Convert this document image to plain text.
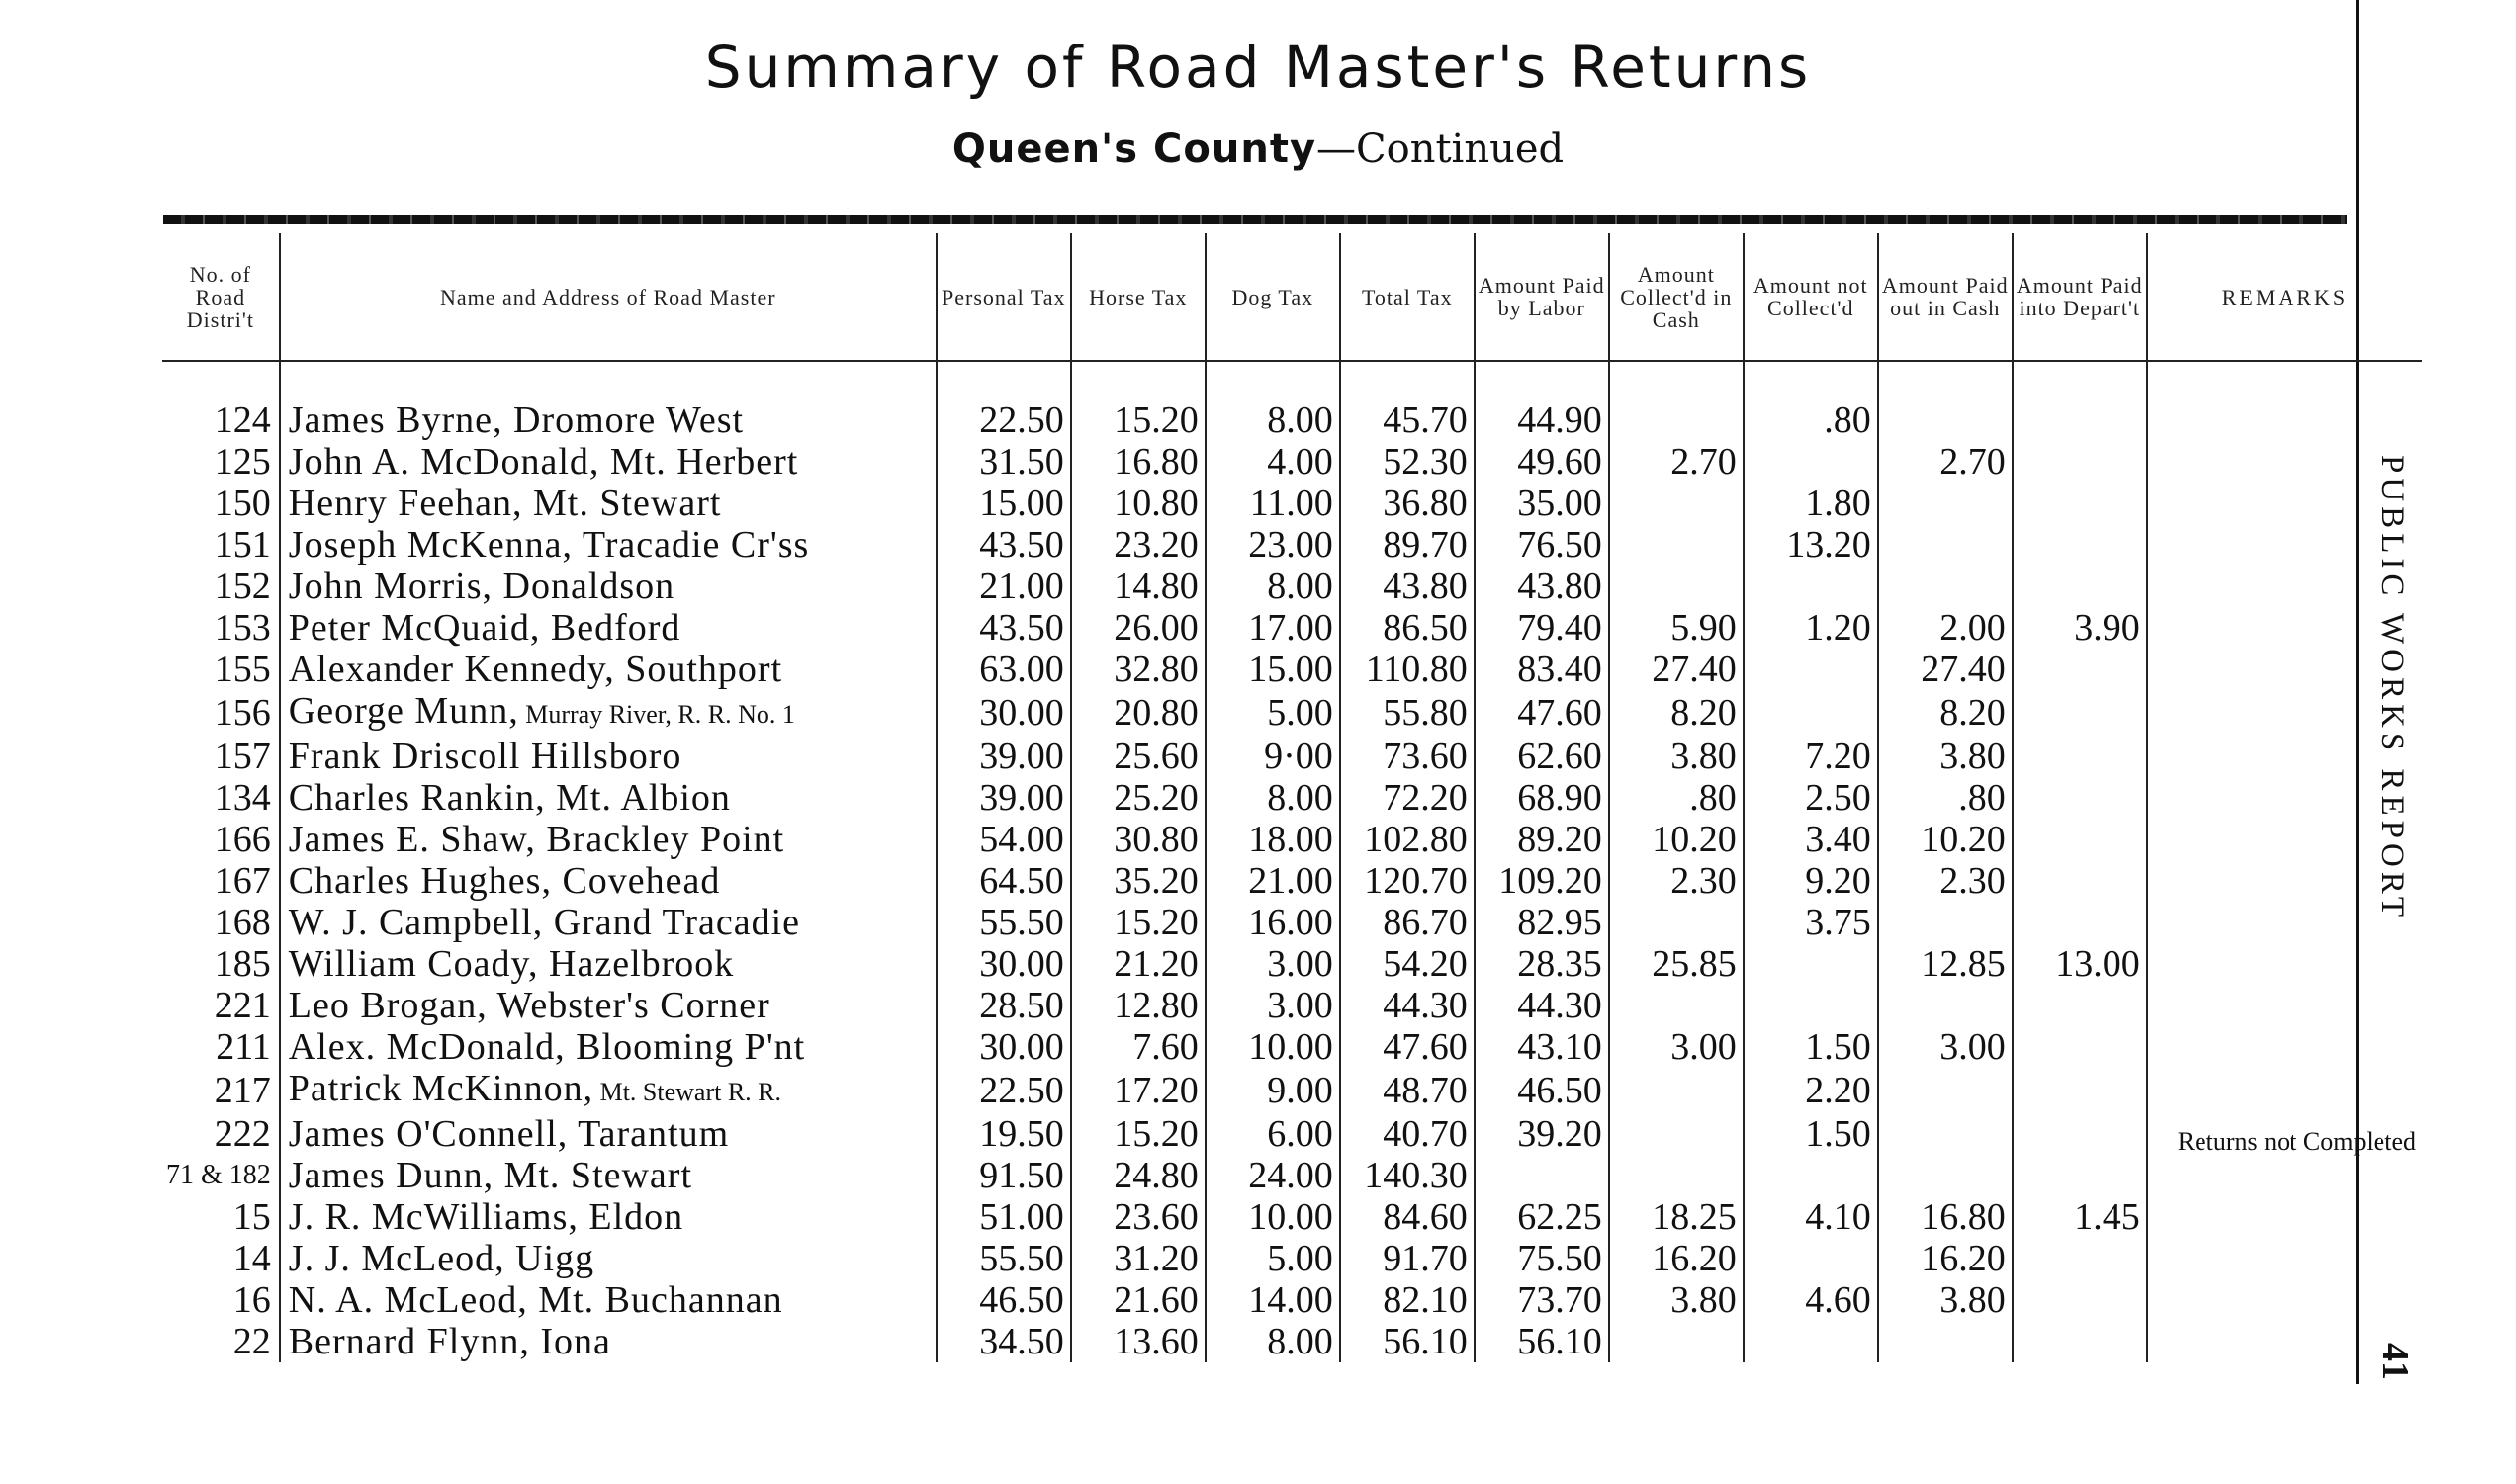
Summary of Road Master's Returns
Queen's County—Continued
PUBLIC WORKS REPORT
41
No. of Road Distri't	Name and Address of Road Master	Personal Tax	Horse Tax	Dog Tax	Total Tax	Amount Paid by Labor	Amount Collect'd in Cash	Amount not Collect'd	Amount Paid out in Cash	Amount Paid into Depart't	REMARKS

124	James Byrne, Dromore West	22.50	15.20	8.00	45.70	44.90		.80			
125	John A. McDonald, Mt. Herbert	31.50	16.80	4.00	52.30	49.60	2.70		2.70		
150	Henry Feehan, Mt. Stewart	15.00	10.80	11.00	36.80	35.00		1.80			
151	Joseph McKenna, Tracadie Cr'ss	43.50	23.20	23.00	89.70	76.50		13.20			
152	John Morris, Donaldson	21.00	14.80	8.00	43.80	43.80					
153	Peter McQuaid, Bedford	43.50	26.00	17.00	86.50	79.40	5.90	1.20	2.00	3.90	
155	Alexander Kennedy, Southport	63.00	32.80	15.00	110.80	83.40	27.40		27.40		
156	George Munn, Murray River, R. R. No. 1	30.00	20.80	5.00	55.80	47.60	8.20		8.20		
157	Frank Driscoll Hillsboro	39.00	25.60	9·00	73.60	62.60	3.80	7.20	3.80		
134	Charles Rankin, Mt. Albion	39.00	25.20	8.00	72.20	68.90	.80	2.50	.80		
166	James E. Shaw, Brackley Point	54.00	30.80	18.00	102.80	89.20	10.20	3.40	10.20		
167	Charles Hughes, Covehead	64.50	35.20	21.00	120.70	109.20	2.30	9.20	2.30		
168	W. J. Campbell, Grand Tracadie	55.50	15.20	16.00	86.70	82.95		3.75			
185	William Coady, Hazelbrook	30.00	21.20	3.00	54.20	28.35	25.85		12.85	13.00	
221	Leo Brogan, Webster's Corner	28.50	12.80	3.00	44.30	44.30					
211	Alex. McDonald, Blooming P'nt	30.00	7.60	10.00	47.60	43.10	3.00	1.50	3.00		
217	Patrick McKinnon, Mt. Stewart R. R.	22.50	17.20	9.00	48.70	46.50		2.20			
222	James O'Connell, Tarantum	19.50	15.20	6.00	40.70	39.20		1.50			Returns not Completed
71 & 182	James Dunn, Mt. Stewart	91.50	24.80	24.00	140.30						
15	J. R. McWilliams, Eldon	51.00	23.60	10.00	84.60	62.25	18.25	4.10	16.80	1.45	
14	J. J. McLeod, Uigg	55.50	31.20	5.00	91.70	75.50	16.20		16.20		
16	N. A. McLeod, Mt. Buchannan	46.50	21.60	14.00	82.10	73.70	3.80	4.60	3.80		
22	Bernard Flynn, Iona	34.50	13.60	8.00	56.10	56.10					
